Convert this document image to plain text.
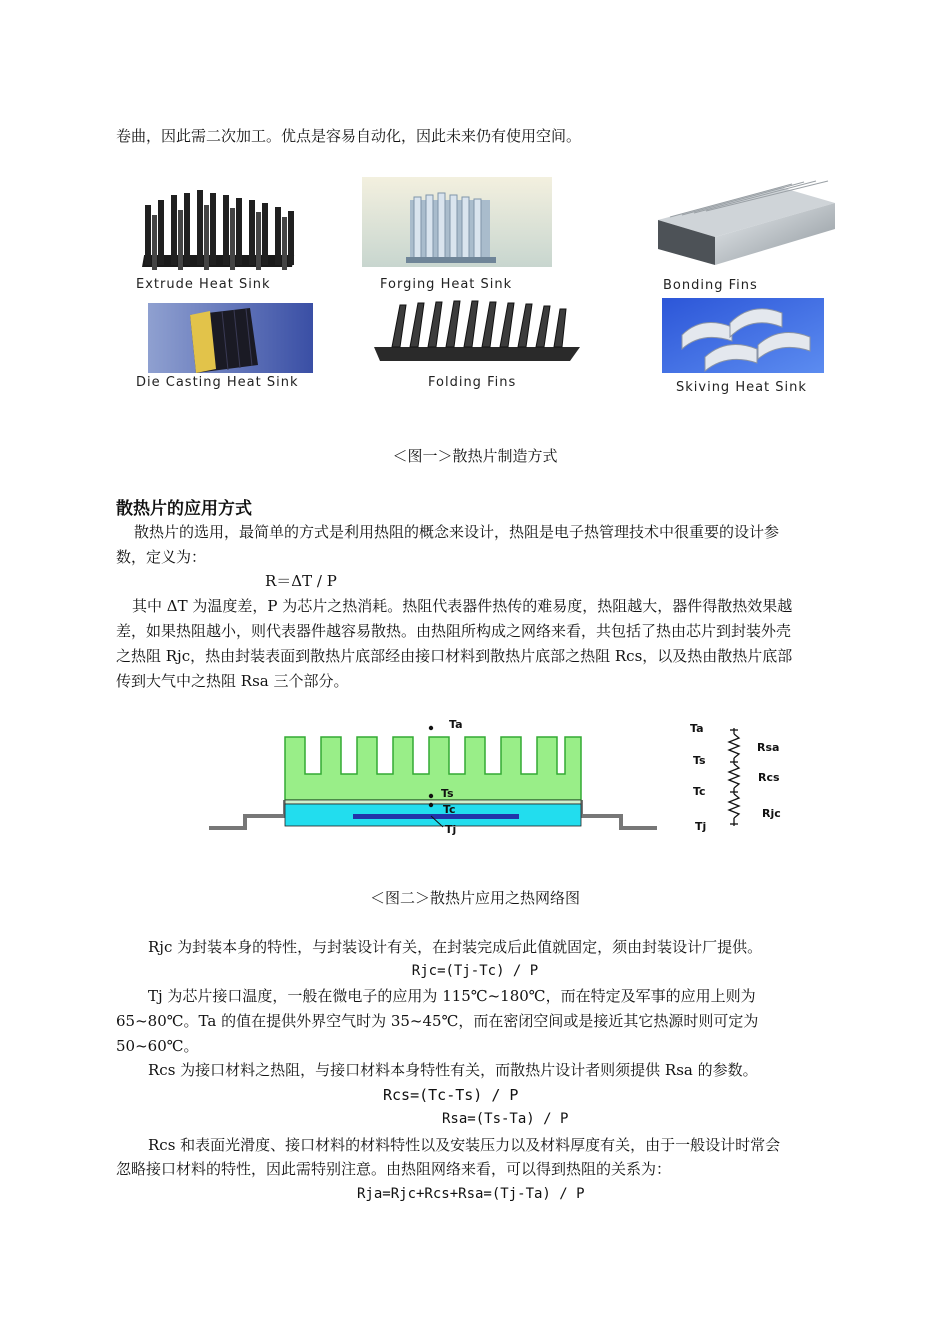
卷曲，因此需二次加工。优点是容易自动化，因此未来仍有使用空间。
Extrude Heat Sink	Forging Heat Sink	Bonding Fins
Die Casting Heat Sink	Folding Fins	Skiving Heat Sink
＜图一＞散热片制造方式
散热片的应用方式
散热片的选用，最简单的方式是利用热阻的概念来设计，热阻是电子热管理技术中很重要的设计参
数，定义为：
R＝ΔT / P
其中 ΔT 为温度差，P 为芯片之热消耗。热阻代表器件热传的难易度，热阻越大，器件得散热效果越
差，如果热阻越小，则代表器件越容易散热。由热阻所构成之网络来看，共包括了热由芯片到封装外壳
之热阻 Rjc，热由封装表面到散热片底部经由接口材料到散热片底部之热阻 Rcs，以及热由散热片底部
传到大气中之热阻 Rsa 三个部分。
Ta
Ts
Tc
Tj
Ta
Ts
Tc
Tj
Rsa
Rcs
Rjc
＜图二＞散热片应用之热网络图
Rjc 为封装本身的特性，与封装设计有关，在封装完成后此值就固定，须由封装设计厂提供。
Rjc=(Tj-Tc) / P
Tj 为芯片接口温度，一般在微电子的应用为 115℃~180℃，而在特定及军事的应用上则为
65~80℃。Ta 的值在提供外界空气时为 35~45℃，而在密闭空间或是接近其它热源时则可定为
50~60℃。
Rcs 为接口材料之热阻，与接口材料本身特性有关，而散热片设计者则须提供 Rsa 的参数。
Rcs=(Tc-Ts) / P
Rsa=(Ts-Ta) / P
Rcs 和表面光滑度、接口材料的材料特性以及安装压力以及材料厚度有关，由于一般设计时常会
忽略接口材料的特性，因此需特别注意。由热阻网络来看，可以得到热阻的关系为：
Rja=Rjc+Rcs+Rsa=(Tj-Ta) / P
